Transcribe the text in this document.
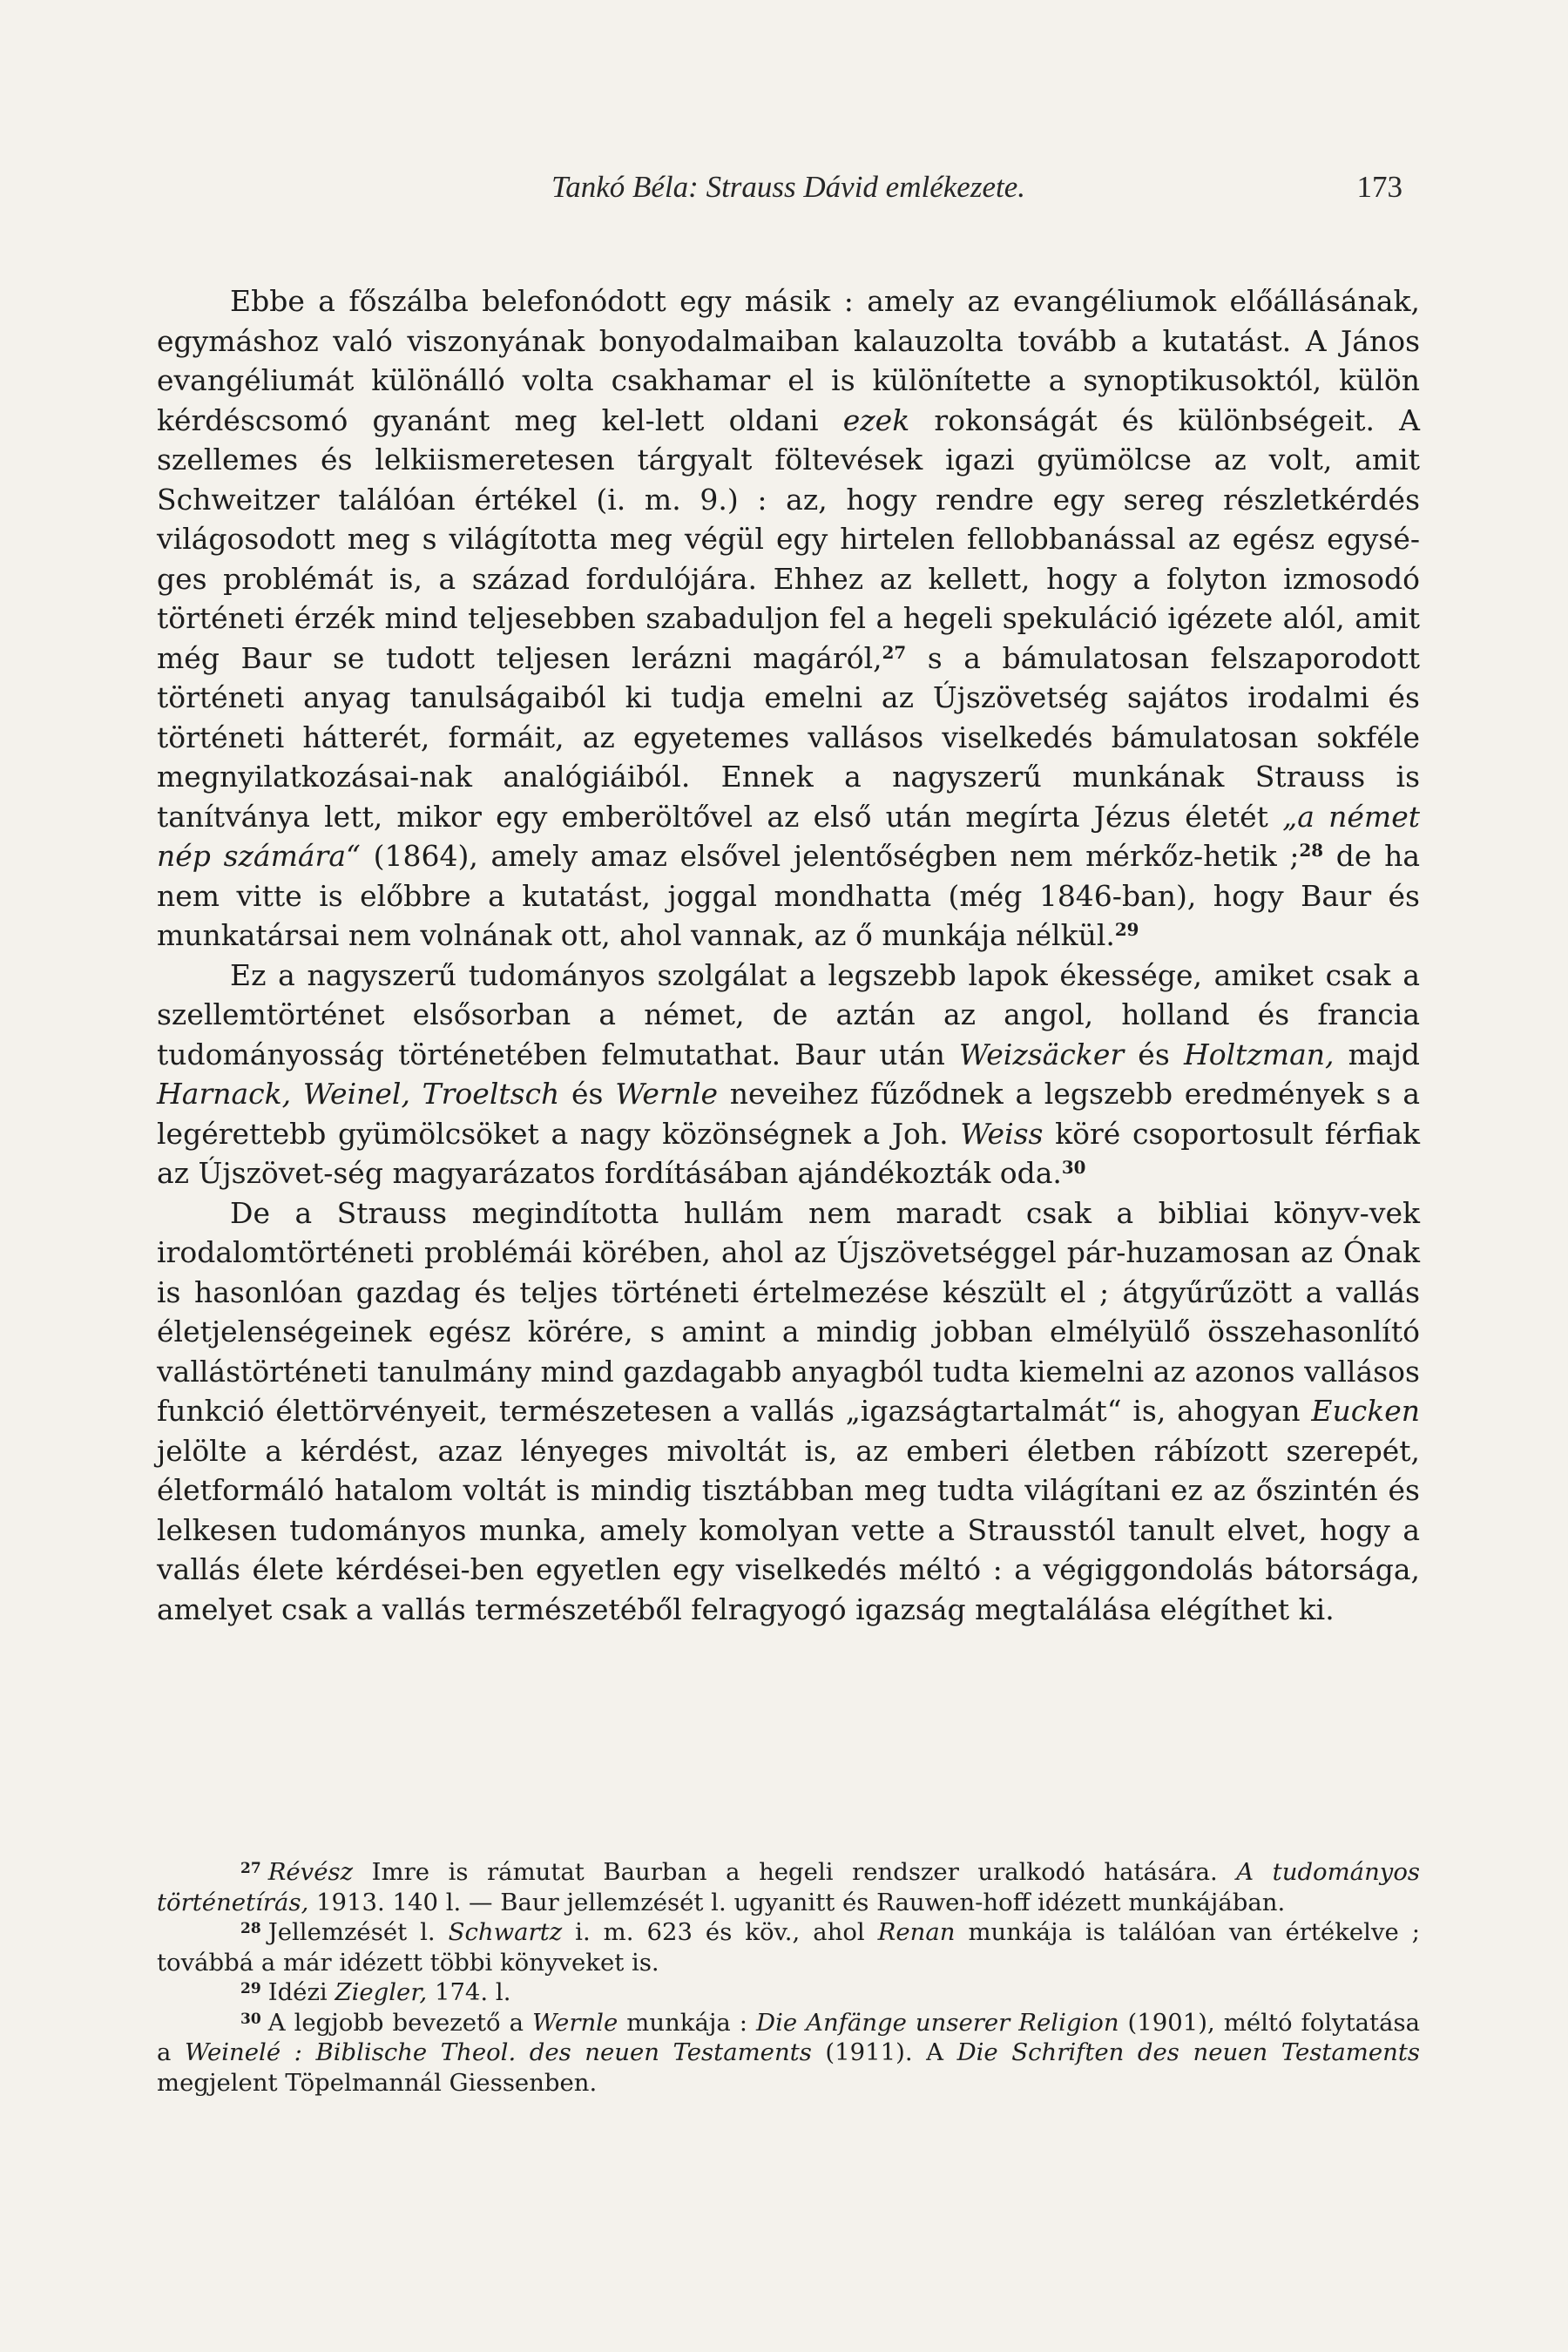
Tankó Béla: Strauss Dávid emlékezete.	173

Ebbe a főszálba belefonódott egy másik : amely az evangéliumok előállásának, egymáshoz való viszonyának bonyodalmaiban kalauzolta tovább a kutatást. A János evangéliumát különálló volta csakhamar el is különítette a synoptikusoktól, külön kérdéscsomó gyanánt meg kel-lett oldani ezek rokonságát és különbségeit. A szellemes és lelkiismeretesen tárgyalt föltevések igazi gyümölcse az volt, amit Schweitzer találóan értékel (i. m. 9.) : az, hogy rendre egy sereg részletkérdés világosodott meg s világította meg végül egy hirtelen fellobbanással az egész egysé-ges problémát is, a század fordulójára. Ehhez az kellett, hogy a folyton izmosodó történeti érzék mind teljesebben szabaduljon fel a hegeli spekuláció igézete alól, amit még Baur se tudott teljesen lerázni magáról,$^{27}$ s a bámulatosan felszaporodott történeti anyag tanulságaiból ki tudja emelni az Újszövetség sajátos irodalmi és történeti hátterét, formáit, az egyetemes vallásos viselkedés bámulatosan sokféle megnyilatkozásai-nak analógiáiból. Ennek a nagyszerű munkának Strauss is tanítványa lett, mikor egy emberöltővel az első után megírta Jézus életét „a német nép számára“ (1864), amely amaz elsővel jelentőségben nem mérkőz-hetik ;$^{28}$ de ha nem vitte is előbbre a kutatást, joggal mondhatta (még 1846-ban), hogy Baur és munkatársai nem volnának ott, ahol vannak, az ő munkája nélkül.$^{29}$

Ez a nagyszerű tudományos szolgálat a legszebb lapok ékessége, amiket csak a szellemtörténet elsősorban a német, de aztán az angol, holland és francia tudományosság történetében felmutathat. Baur után Weizsäcker és Holtzman, majd Harnack, Weinel, Troeltsch és Wernle neveihez fűződnek a legszebb eredmények s a legérettebb gyümölcsöket a nagy közönségnek a Joh. Weiss köré csoportosult férfiak az Újszövet-ség magyarázatos fordításában ajándékozták oda.$^{30}$

De a Strauss megindította hullám nem maradt csak a bibliai könyv-vek irodalomtörténeti problémái körében, ahol az Újszövetséggel pár-huzamosan az Ónak is hasonlóan gazdag és teljes történeti értelmezése készült el ; átgyűrűzött a vallás életjelenségeinek egész körére, s amint a mindig jobban elmélyülő összehasonlító vallástörténeti tanulmány mind gazdagabb anyagból tudta kiemelni az azonos vallásos funkció élettörvényeit, természetesen a vallás „igazságtartalmát“ is, ahogyan Eucken jelölte a kérdést, azaz lényeges mivoltát is, az emberi életben rábízott szerepét, életformáló hatalom voltát is mindig tisztábban meg tudta világítani ez az őszintén és lelkesen tudományos munka, amely komolyan vette a Strausstól tanult elvet, hogy a vallás élete kérdései-ben egyetlen egy viselkedés méltó : a végiggondolás bátorsága, amelyet csak a vallás természetéből felragyogó igazság megtalálása elégíthet ki.

$^{27}$ Révész Imre is rámutat Baurban a hegeli rendszer uralkodó hatására. A tudományos történetírás, 1913. 140 l. — Baur jellemzését l. ugyanitt és Rauwen-hoff idézett munkájában.

$^{28}$ Jellemzését l. Schwartz i. m. 623 és köv., ahol Renan munkája is találóan van értékelve ; továbbá a már idézett többi könyveket is.

$^{29}$ Idézi Ziegler, 174. l.

$^{30}$ A legjobb bevezető a Wernle munkája : Die Anfänge unserer Religion (1901), méltó folytatása a Weinelé : Biblische Theol. des neuen Testaments (1911). A Die Schriften des neuen Testaments megjelent Töpelmannál Giessenben.
